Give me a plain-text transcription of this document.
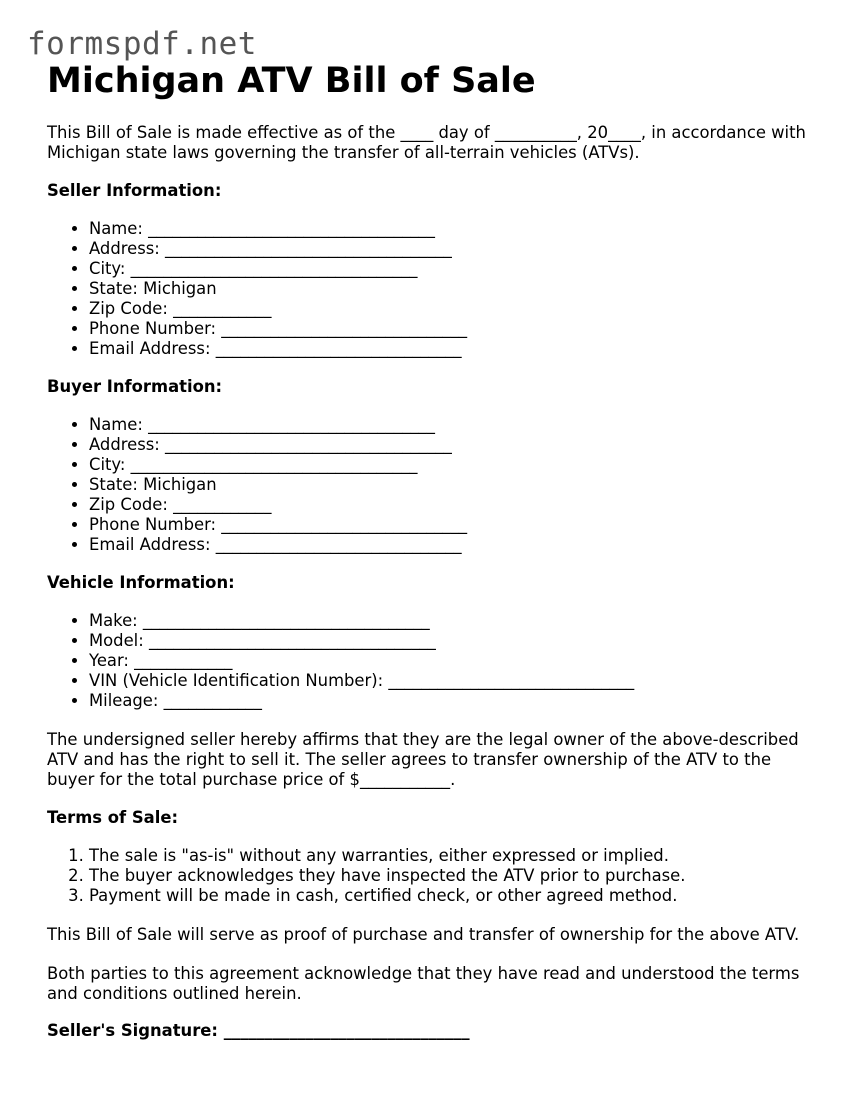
formspdf.net
Michigan ATV Bill of Sale

This Bill of Sale is made effective as of the ____ day of __________, 20____, in accordance with Michigan state laws governing the transfer of all-terrain vehicles (ATVs).

Seller Information:
• Name: ___________________________________
• Address: ___________________________________
• City: ___________________________________
• State: Michigan
• Zip Code: ____________
• Phone Number: ______________________________
• Email Address: ______________________________
Buyer Information:
• Name: ___________________________________
• Address: ___________________________________
• City: ___________________________________
• State: Michigan
• Zip Code: ____________
• Phone Number: ______________________________
• Email Address: ______________________________
Vehicle Information:
• Make: ___________________________________
• Model: ___________________________________
• Year: ____________
• VIN (Vehicle Identification Number): ______________________________
• Mileage: ____________

The undersigned seller hereby affirms that they are the legal owner of the above-described ATV and has the right to sell it. The seller agrees to transfer ownership of the ATV to the buyer for the total purchase price of $___________.

Terms of Sale:
1. The sale is "as-is" without any warranties, either expressed or implied.
2. The buyer acknowledges they have inspected the ATV prior to purchase.
3. Payment will be made in cash, certified check, or other agreed method.

This Bill of Sale will serve as proof of purchase and transfer of ownership for the above ATV.

Both parties to this agreement acknowledge that they have read and understood the terms and conditions outlined herein.

Seller's Signature: ______________________________
